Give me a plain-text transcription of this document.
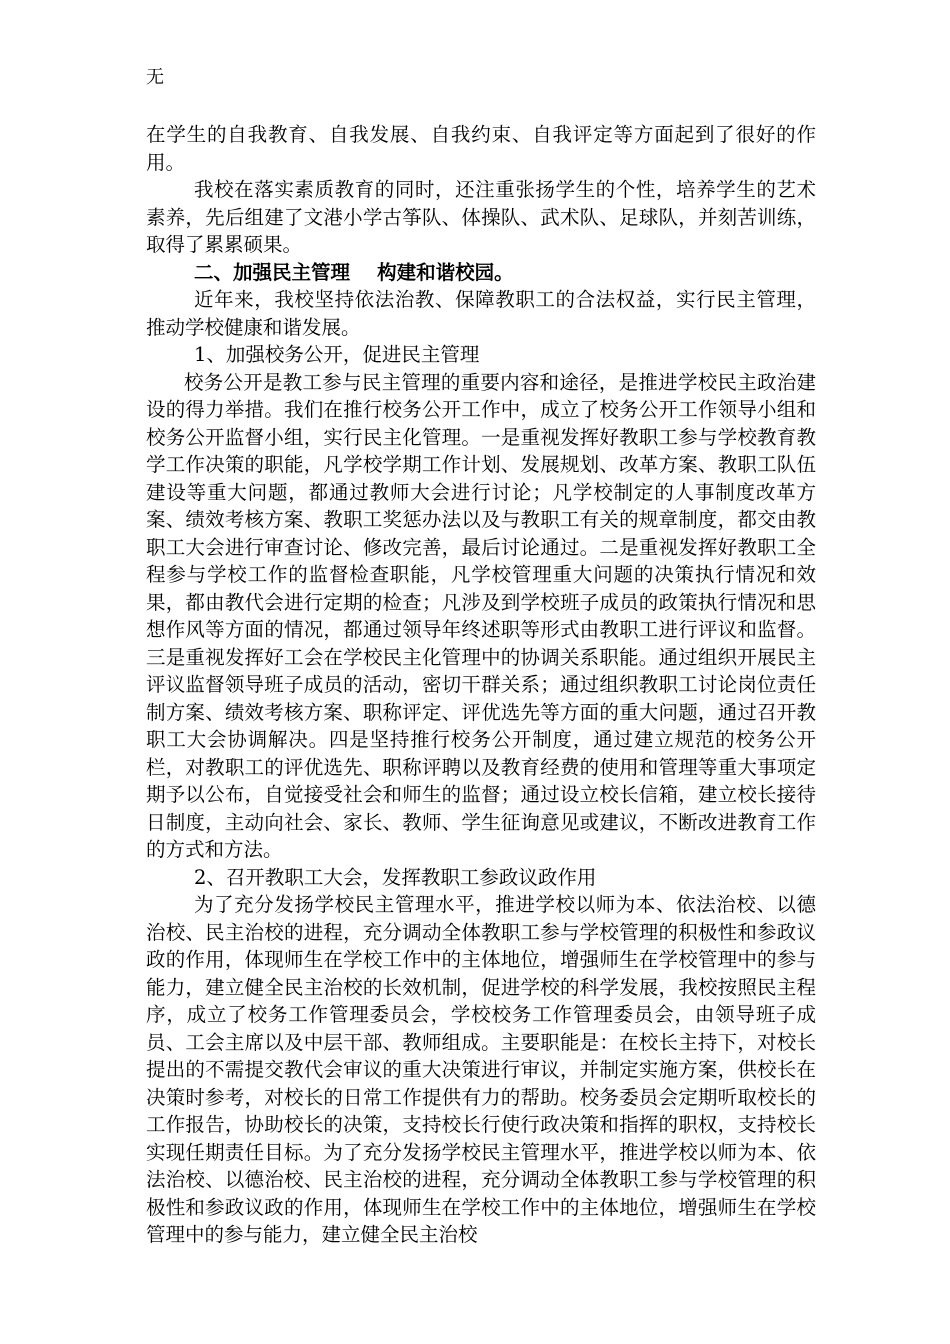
无

在学生的自我教育、自我发展、自我约束、自我评定等方面起到了很好的作用。

我校在落实素质教育的同时，还注重张扬学生的个性，培养学生的艺术素养，先后组建了文港小学古筝队、体操队、武术队、足球队，并刻苦训练，取得了累累硕果。

二、加强民主管理    构建和谐校园。

近年来，我校坚持依法治教、保障教职工的合法权益，实行民主管理，推动学校健康和谐发展。

1、加强校务公开，促进民主管理

校务公开是教工参与民主管理的重要内容和途径，是推进学校民主政治建设的得力举措。我们在推行校务公开工作中，成立了校务公开工作领导小组和校务公开监督小组，实行民主化管理。一是重视发挥好教职工参与学校教育教学工作决策的职能，凡学校学期工作计划、发展规划、改革方案、教职工队伍建设等重大问题，都通过教师大会进行讨论；凡学校制定的人事制度改革方案、绩效考核方案、教职工奖惩办法以及与教职工有关的规章制度，都交由教职工大会进行审查讨论、修改完善，最后讨论通过。二是重视发挥好教职工全程参与学校工作的监督检查职能，凡学校管理重大问题的决策执行情况和效果，都由教代会进行定期的检查；凡涉及到学校班子成员的政策执行情况和思想作风等方面的情况，都通过领导年终述职等形式由教职工进行评议和监督。三是重视发挥好工会在学校民主化管理中的协调关系职能。通过组织开展民主评议监督领导班子成员的活动，密切干群关系；通过组织教职工讨论岗位责任制方案、绩效考核方案、职称评定、评优选先等方面的重大问题，通过召开教职工大会协调解决。四是坚持推行校务公开制度，通过建立规范的校务公开栏，对教职工的评优选先、职称评聘以及教育经费的使用和管理等重大事项定期予以公布，自觉接受社会和师生的监督；通过设立校长信箱，建立校长接待日制度，主动向社会、家长、教师、学生征询意见或建议，不断改进教育工作的方式和方法。

2、召开教职工大会，发挥教职工参政议政作用

为了充分发扬学校民主管理水平，推进学校以师为本、依法治校、以德治校、民主治校的进程，充分调动全体教职工参与学校管理的积极性和参政议政的作用，体现师生在学校工作中的主体地位，增强师生在学校管理中的参与能力，建立健全民主治校的长效机制，促进学校的科学发展，我校按照民主程序，成立了校务工作管理委员会，学校校务工作管理委员会，由领导班子成员、工会主席以及中层干部、教师组成。主要职能是：在校长主持下，对校长提出的不需提交教代会审议的重大决策进行审议，并制定实施方案，供校长在决策时参考，对校长的日常工作提供有力的帮助。校务委员会定期听取校长的工作报告，协助校长的决策，支持校长行使行政决策和指挥的职权，支持校长实现任期责任目标。为了充分发扬学校民主管理水平，推进学校以师为本、依法治校、以德治校、民主治校的进程，充分调动全体教职工参与学校管理的积极性和参政议政的作用，体现师生在学校工作中的主体地位，增强师生在学校管理中的参与能力，建立健全民主治校
